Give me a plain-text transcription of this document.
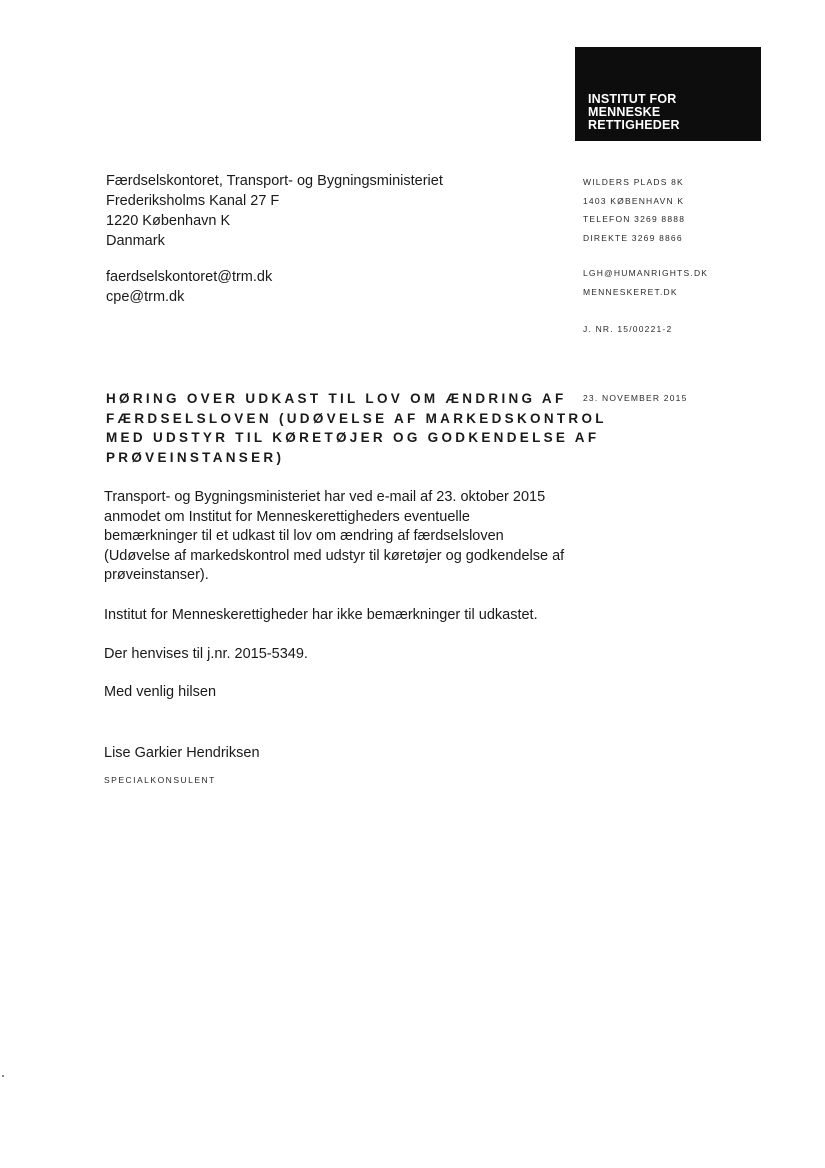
INSTITUT FOR
MENNESKE
RETTIGHEDER
Færdselskontoret, Transport- og Bygningsministeriet
Frederiksholms Kanal 27 F
1220 København K
Danmark
faerdselskontoret@trm.dk
cpe@trm.dk
WILDERS PLADS 8K
1403 KØBENHAVN K
TELEFON 3269 8888
DIREKTE 3269 8866
LGH@HUMANRIGHTS.DK
MENNESKERET.DK
J. NR. 15/00221-2
23. NOVEMBER 2015
HØRING OVER UDKAST TIL LOV OM ÆNDRING AF
FÆRDSELSLOVEN (UDØVELSE AF MARKEDSKONTROL
MED UDSTYR TIL KØRETØJER OG GODKENDELSE AF
PRØVEINSTANSER)
Transport- og Bygningsministeriet har ved e-mail af 23. oktober 2015
anmodet om Institut for Menneskerettigheders eventuelle
bemærkninger til et udkast til lov om ændring af færdselsloven
(Udøvelse af markedskontrol med udstyr til køretøjer og godkendelse af
prøveinstanser).
Institut for Menneskerettigheder har ikke bemærkninger til udkastet.
Der henvises til j.nr. 2015-5349.
Med venlig hilsen
Lise Garkier Hendriksen
SPECIALKONSULENT
